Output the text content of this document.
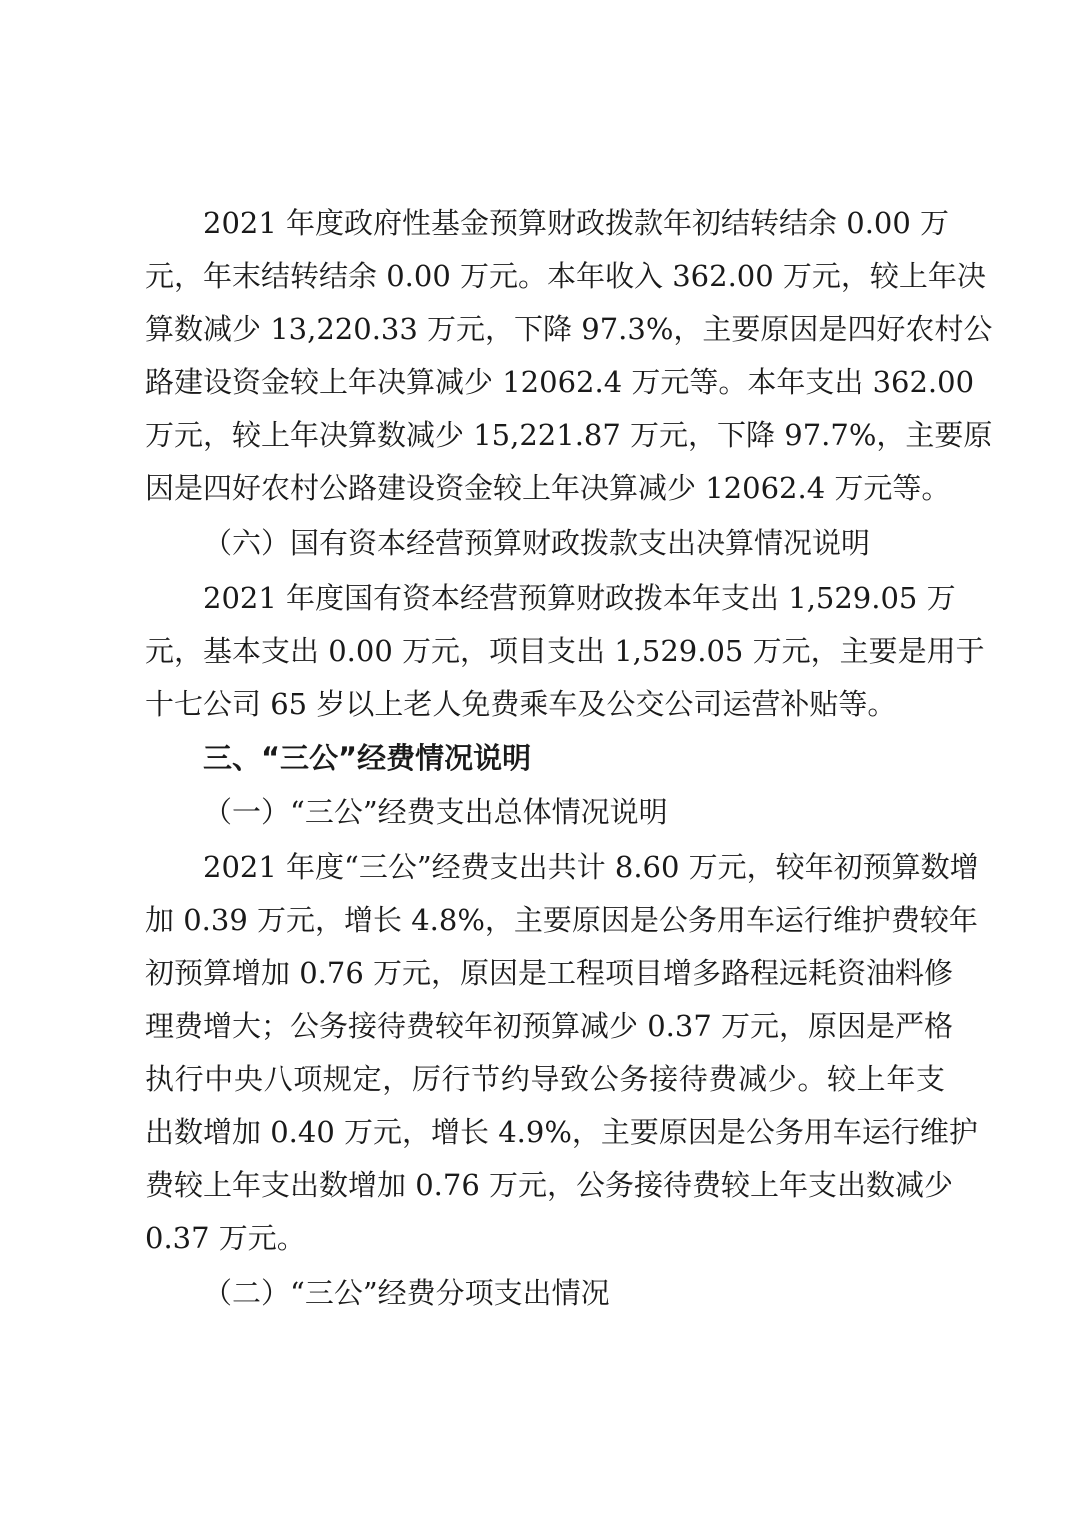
2021 年度政府性基金预算财政拨款年初结转结余 0.00 万
元，年末结转结余 0.00 万元。本年收入 362.00 万元，较上年决
算数减少 13,220.33 万元，下降 97.3%，主要原因是四好农村公
路建设资金较上年决算减少 12062.4 万元等。本年支出 362.00
万元，较上年决算数减少 15,221.87 万元，下降 97.7%，主要原
因是四好农村公路建设资金较上年决算减少 12062.4 万元等。
（六）国有资本经营预算财政拨款支出决算情况说明
2021 年度国有资本经营预算财政拨本年支出 1,529.05 万
元，基本支出 0.00 万元，项目支出 1,529.05 万元，主要是用于
十七公司 65 岁以上老人免费乘车及公交公司运营补贴等。
三、“三公”经费情况说明
（一）“三公”经费支出总体情况说明
2021 年度“三公”经费支出共计 8.60 万元，较年初预算数增
加 0.39 万元，增长 4.8%，主要原因是公务用车运行维护费较年
初预算增加 0.76 万元，原因是工程项目增多路程远耗资油料修
理费增大；公务接待费较年初预算减少 0.37 万元，原因是严格
执行中央八项规定，厉行节约导致公务接待费减少。较上年支
出数增加 0.40 万元，增长 4.9%，主要原因是公务用车运行维护
费较上年支出数增加 0.76 万元，公务接待费较上年支出数减少
0.37 万元。
（二）“三公”经费分项支出情况
